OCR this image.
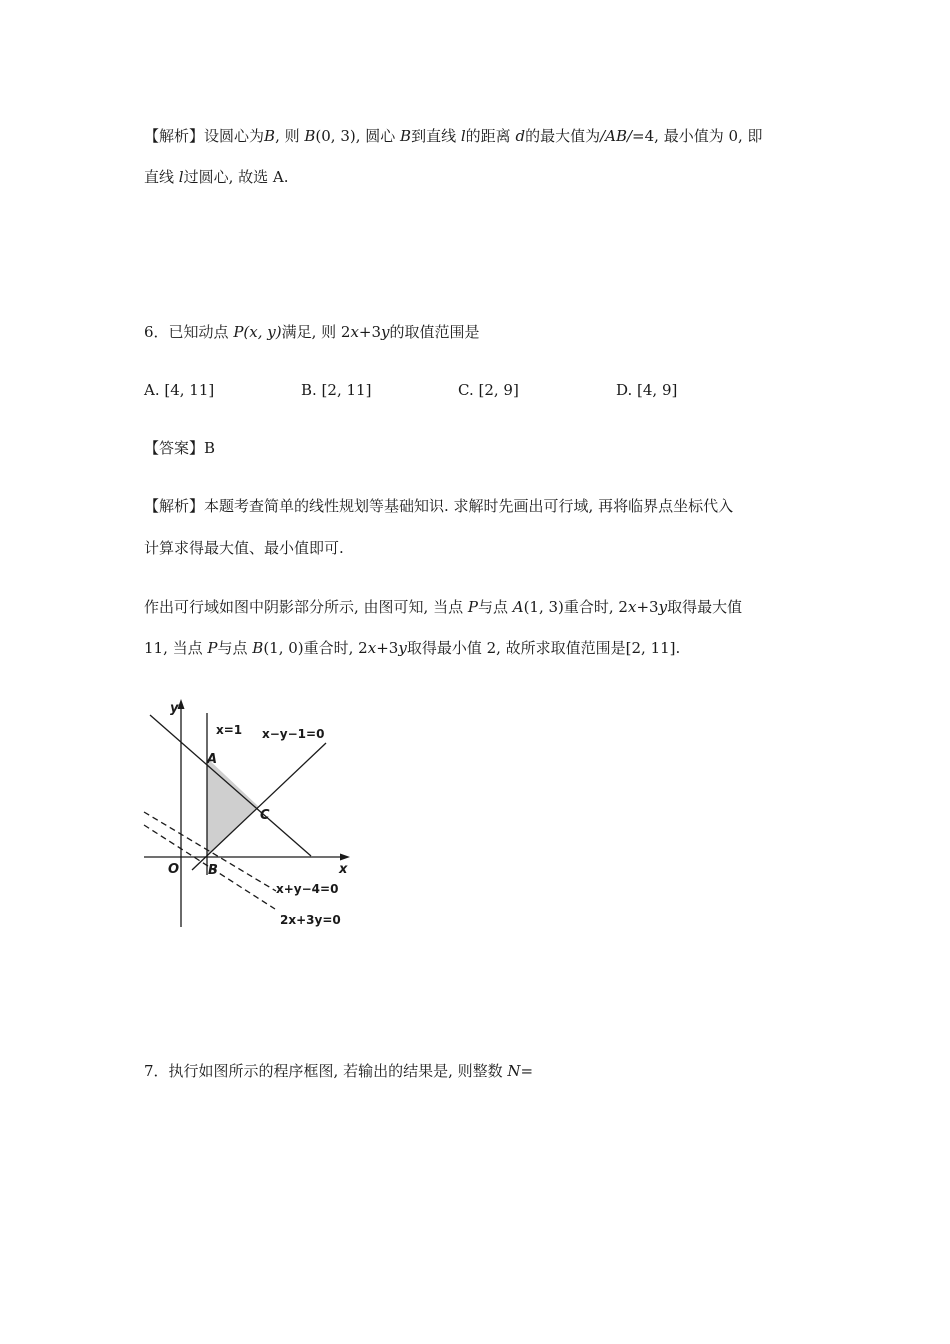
【解析】设圆心为B, 则 B(0, 3), 圆心 B到直线 l的距离 d的最大值为/AB/=4, 最小值为 0, 即
直线 l过圆心, 故选 A.
6．已知动点 P(x, y)满足, 则 2x+3y的取值范围是
A. [4, 11]	B. [2, 11]	C. [2, 9]	D. [4, 9]
【答案】B
【解析】本题考查简单的线性规划等基础知识. 求解时先画出可行域, 再将临界点坐标代入
计算求得最大值、最小值即可.
作出可行域如图中阴影部分所示, 由图可知, 当点 P与点 A(1, 3)重合时, 2x+3y取得最大值
11, 当点 P与点 B(1, 0)重合时, 2x+3y取得最小值 2, 故所求取值范围是[2, 11].
y
x
O
A
B
C
x=1 x−y−1=0
x+y−4=0
2x+3y=0
7．执行如图所示的程序框图, 若输出的结果是, 则整数 N=
